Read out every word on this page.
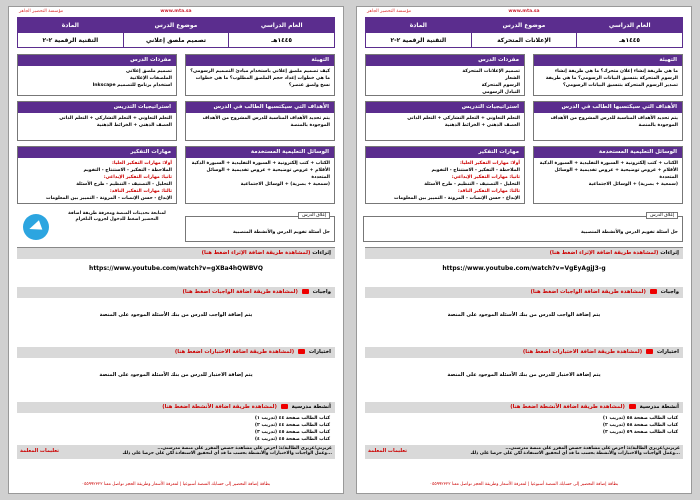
www.mta.sa
مؤسسة التحضير الجاهز
العام الدراسي
موضوع الدرس
المادة
١٤٤٥هـ
تصميم ملصق إعلاني
التقنية الرقمية ٢-٢
التهيئة
كيف تصميم ملصق إعلاني باستخدام مبادئ التصميم الرسومي؟ ما هي خطوات إعداد حجم الملصق المطلوب؟ ما هي خطوات نسخ ولصق عنصر؟
مفردات الدرس
تصميم ملصق إعلاني
الملصقات الإعلانية
استخدام برنامج للتصميم Inkscape
الأهداف التي سيكتسبها الطالب في الدرس
يتم تحديد الأهداف المناسبة للدرس المشروح من الأهداف الموجودة بالمنصة
استراتيجيات التدريس
التعلم التعاوني + التعلم التشاركي + التعلم الذاتي
العصف الذهني + الخرائط الذهنية
الوسائل التعليمية المستخدمة
الكتاب + كتب إلكترونية + السبورة التقليدية + السبورة الذكية
الأقلام + عروض توضيحية + عروض تقديمية + الوسائل المتعددة
(سمعية + بصرية) + الوسائل الاجتماعية
مهارات التفكير
أولا: مهارات التفكير العليا:
الملاحظة - التفكير - الاستنتاج - التقويم
ثانيا: مهارات التفكير الإبداعي:
التحليل - التصنيف - التنظيم - طرح الأسئلة
ثالثا: مهارات التفكير الناقد:
الإبداع - حسن الإنصات - المرونة - التمييز بين المعلومات
إغلاق الدرس
حل أسئلة تقويم الدرس والأنشطة المنصبية
لمتابعة تحديثات المنصة ومعرفة طريقة اضافة التحضير اضغط للدخول لجروب التلغرام
إثراءات (لمشاهدة طريقة اضافة الإثراء اضغط هنا)
https://www.youtube.com/watch?v=gXBa4hQWBVQ
واجبات  (لمشاهدة طريقة اضافة الواجبات اضغط هنا)
يتم إضافة الواجب للدرس من بنك الأسئلة الموجود على المنصة
اختبارات  (لمشاهدة طريقة اضافة الاختبارات اضغط هنا)
يتم إضافة الاختبار للدرس من بنك الأسئلة الموجود على المنصة
أنشطة مدرسية  (لمشاهدة طريقة اضافة الأنشطة اضغط هنا)
كتاب الطالب صفحة ٤٤ (تدريب ١)
كتاب الطالب صفحة ٤٤ (تدريب ٢)
كتاب الطالب صفحة ٤٥ (تدريب ٣)
كتاب الطالب صفحة ٤٥ (تدريب ٤)
عزيزتي/عزيزي الطالبة/ة: احرص على مشاهدة حصص المقرر على منصة مدرستي...
...وعمل الواجبات والاختبارات والأنشطة بحسب ما قد أي لتحقيق الاستفادة لكن على حرصا على ذلك
تعليمات المعلمة
بطاقة إضافة التحضير إلى حسابك المنصة أسبوعيا | لمعرفة الأسعار وطريقة الحجز تواصل معنا ٠٥٥٩٩٢٣٢٢
www.mta.sa
مؤسسة التحضير الجاهز
العام الدراسي
موضوع الدرس
المادة
١٤٤٥هـ
الإعلانات المتحركة
التقنية الرقمية ٢-٢
التهيئة
ما هي طريقة إنشاء إعلان متحرك؟ ما هي طريقة إنشاء الرسوم المتحركة بتنسيق البيانات الرسومي؟ ما هي طريقة تصدير الرسوم المتحركة بتنسيق البيانات الرسومي؟
مفردات الدرس
تصميم الإعلانات المتحركة
الشعار
الرسوم المتحركة
التبادل الرسومي
الأهداف التي سيكتسبها الطالب في الدرس
يتم تحديد الأهداف المناسبة للدرس المشروح من الأهداف الموجودة بالمنصة
استراتيجيات التدريس
التعلم التعاوني + التعلم التشاركي + التعلم الذاتي
العصف الذهني + الخرائط الذهنية
الوسائل التعليمية المستخدمة
الكتاب + كتب إلكترونية + السبورة التقليدية + السبورة الذكية
الأقلام + عروض توضيحية + عروض تقديمية + الوسائل المتعددة
(سمعية + بصرية) + الوسائل الاجتماعية
مهارات التفكير
أولا: مهارات التفكير العليا:
الملاحظة - التفكير - الاستنتاج - التقويم
ثانيا: مهارات التفكير الإبداعي:
التحليل - التصنيف - التنظيم - طرح الأسئلة
ثالثا: مهارات التفكير الناقد:
الإبداع - حسن الإنصات - المرونة - التمييز بين المعلومات
إغلاق الدرس
حل أسئلة تقويم الدرس والأنشطة المنصبية
إثراءات (لمشاهدة طريقة اضافة الإثراء اضغط هنا)
https://www.youtube.com/watch?v=VgEyAgjJ3-g
واجبات  (لمشاهدة طريقة اضافة الواجبات اضغط هنا)
يتم إضافة الواجب للدرس من بنك الأسئلة الموجود على المنصة
اختبارات  (لمشاهدة طريقة اضافة الاختبارات اضغط هنا)
يتم إضافة الاختبار للدرس من بنك الأسئلة الموجود على المنصة
أنشطة مدرسية  (لمشاهدة طريقة اضافة الأنشطة اضغط هنا)
كتاب الطالب صفحة ٥٨ (تدريب ١)
كتاب الطالب صفحة ٥٨ (تدريب ٢)
كتاب الطالب صفحة ٥٩ (تدريب ٣)
عزيزتي/عزيزي الطالبة/ة: احرص على مشاهدة حصص المقرر على منصة مدرستي...
...وعمل الواجبات والاختبارات والأنشطة بحسب ما قد أي لتحقيق الاستفادة لكن على حرصا على ذلك
تعليمات المعلمة
بطاقة إضافة التحضير إلى حسابك المنصة أسبوعيا | لمعرفة الأسعار وطريقة الحجز تواصل معنا ٠٥٥٩٩٢٣٢٢
